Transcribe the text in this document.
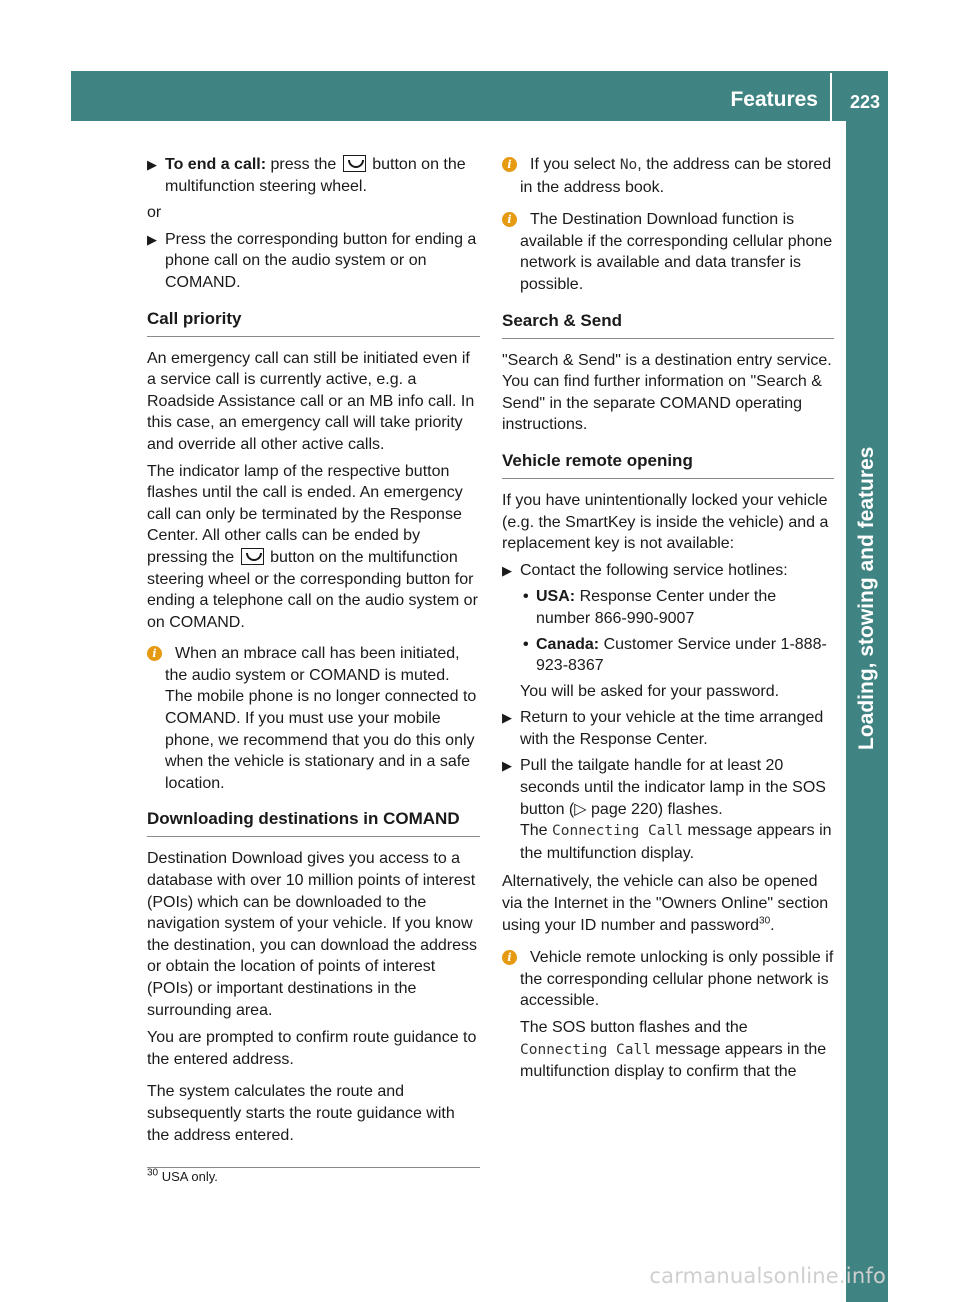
Features 223
Loading, stowing and features
▶ To end a call: press the button on the multifunction steering wheel.

or

▶ Press the corresponding button for ending a phone call on the audio system or on COMAND.
Call priority

An emergency call can still be initiated even if a service call is currently active, e.g. a Roadside Assistance call or an MB info call. In this case, an emergency call will take priority and override all other active calls.

The indicator lamp of the respective button flashes until the call is ended. An emergency call can only be terminated by the Response Center. All other calls can be ended by pressing the button on the multifunction steering wheel or the corresponding button for ending a telephone call on the audio system or on COMAND.

i	When an mbrace call has been initiated, the audio system or COMAND is muted. The mobile phone is no longer connected to COMAND. If you must use your mobile phone, we recommend that you do this only when the vehicle is stationary and in a safe location.

Downloading destinations in COMAND

Destination Download gives you access to a database with over 10 million points of interest (POIs) which can be downloaded to the navigation system of your vehicle. If you know the destination, you can download the address or obtain the location of points of interest (POIs) or important destinations in the surrounding area.

You are prompted to confirm route guidance to the entered address.

The system calculates the route and subsequently starts the route guidance with the address entered.

i	If you select No, the address can be stored in the address book.

i	The Destination Download function is available if the corresponding cellular phone network is available and data transfer is possible.

Search & Send

"Search & Send" is a destination entry service. You can find further information on "Search & Send" in the separate COMAND operating instructions.

Vehicle remote opening

If you have unintentionally locked your vehicle (e.g. the SmartKey is inside the vehicle) and a replacement key is not available:

▶ Contact the following service hotlines:
•
USA: Response Center under the number 866-990-9007
•
Canada: Customer Service under 1-888-923-8367

You will be asked for your password.

▶ Return to your vehicle at the time arranged with the Response Center.
▶ Pull the tailgate handle for at least 20 seconds until the indicator lamp in the SOS button (▷ page 220) flashes.
The Connecting Call message appears in the multifunction display.

Alternatively, the vehicle can also be opened via the Internet in the "Owners Online" section using your ID number and password$^{30}$.

i	Vehicle remote unlocking is only possible if the corresponding cellular phone network is accessible.

The SOS button flashes and the Connecting Call message appears in the multifunction display to confirm that the

$^{30}$ USA only.
carmanualsonline.info
